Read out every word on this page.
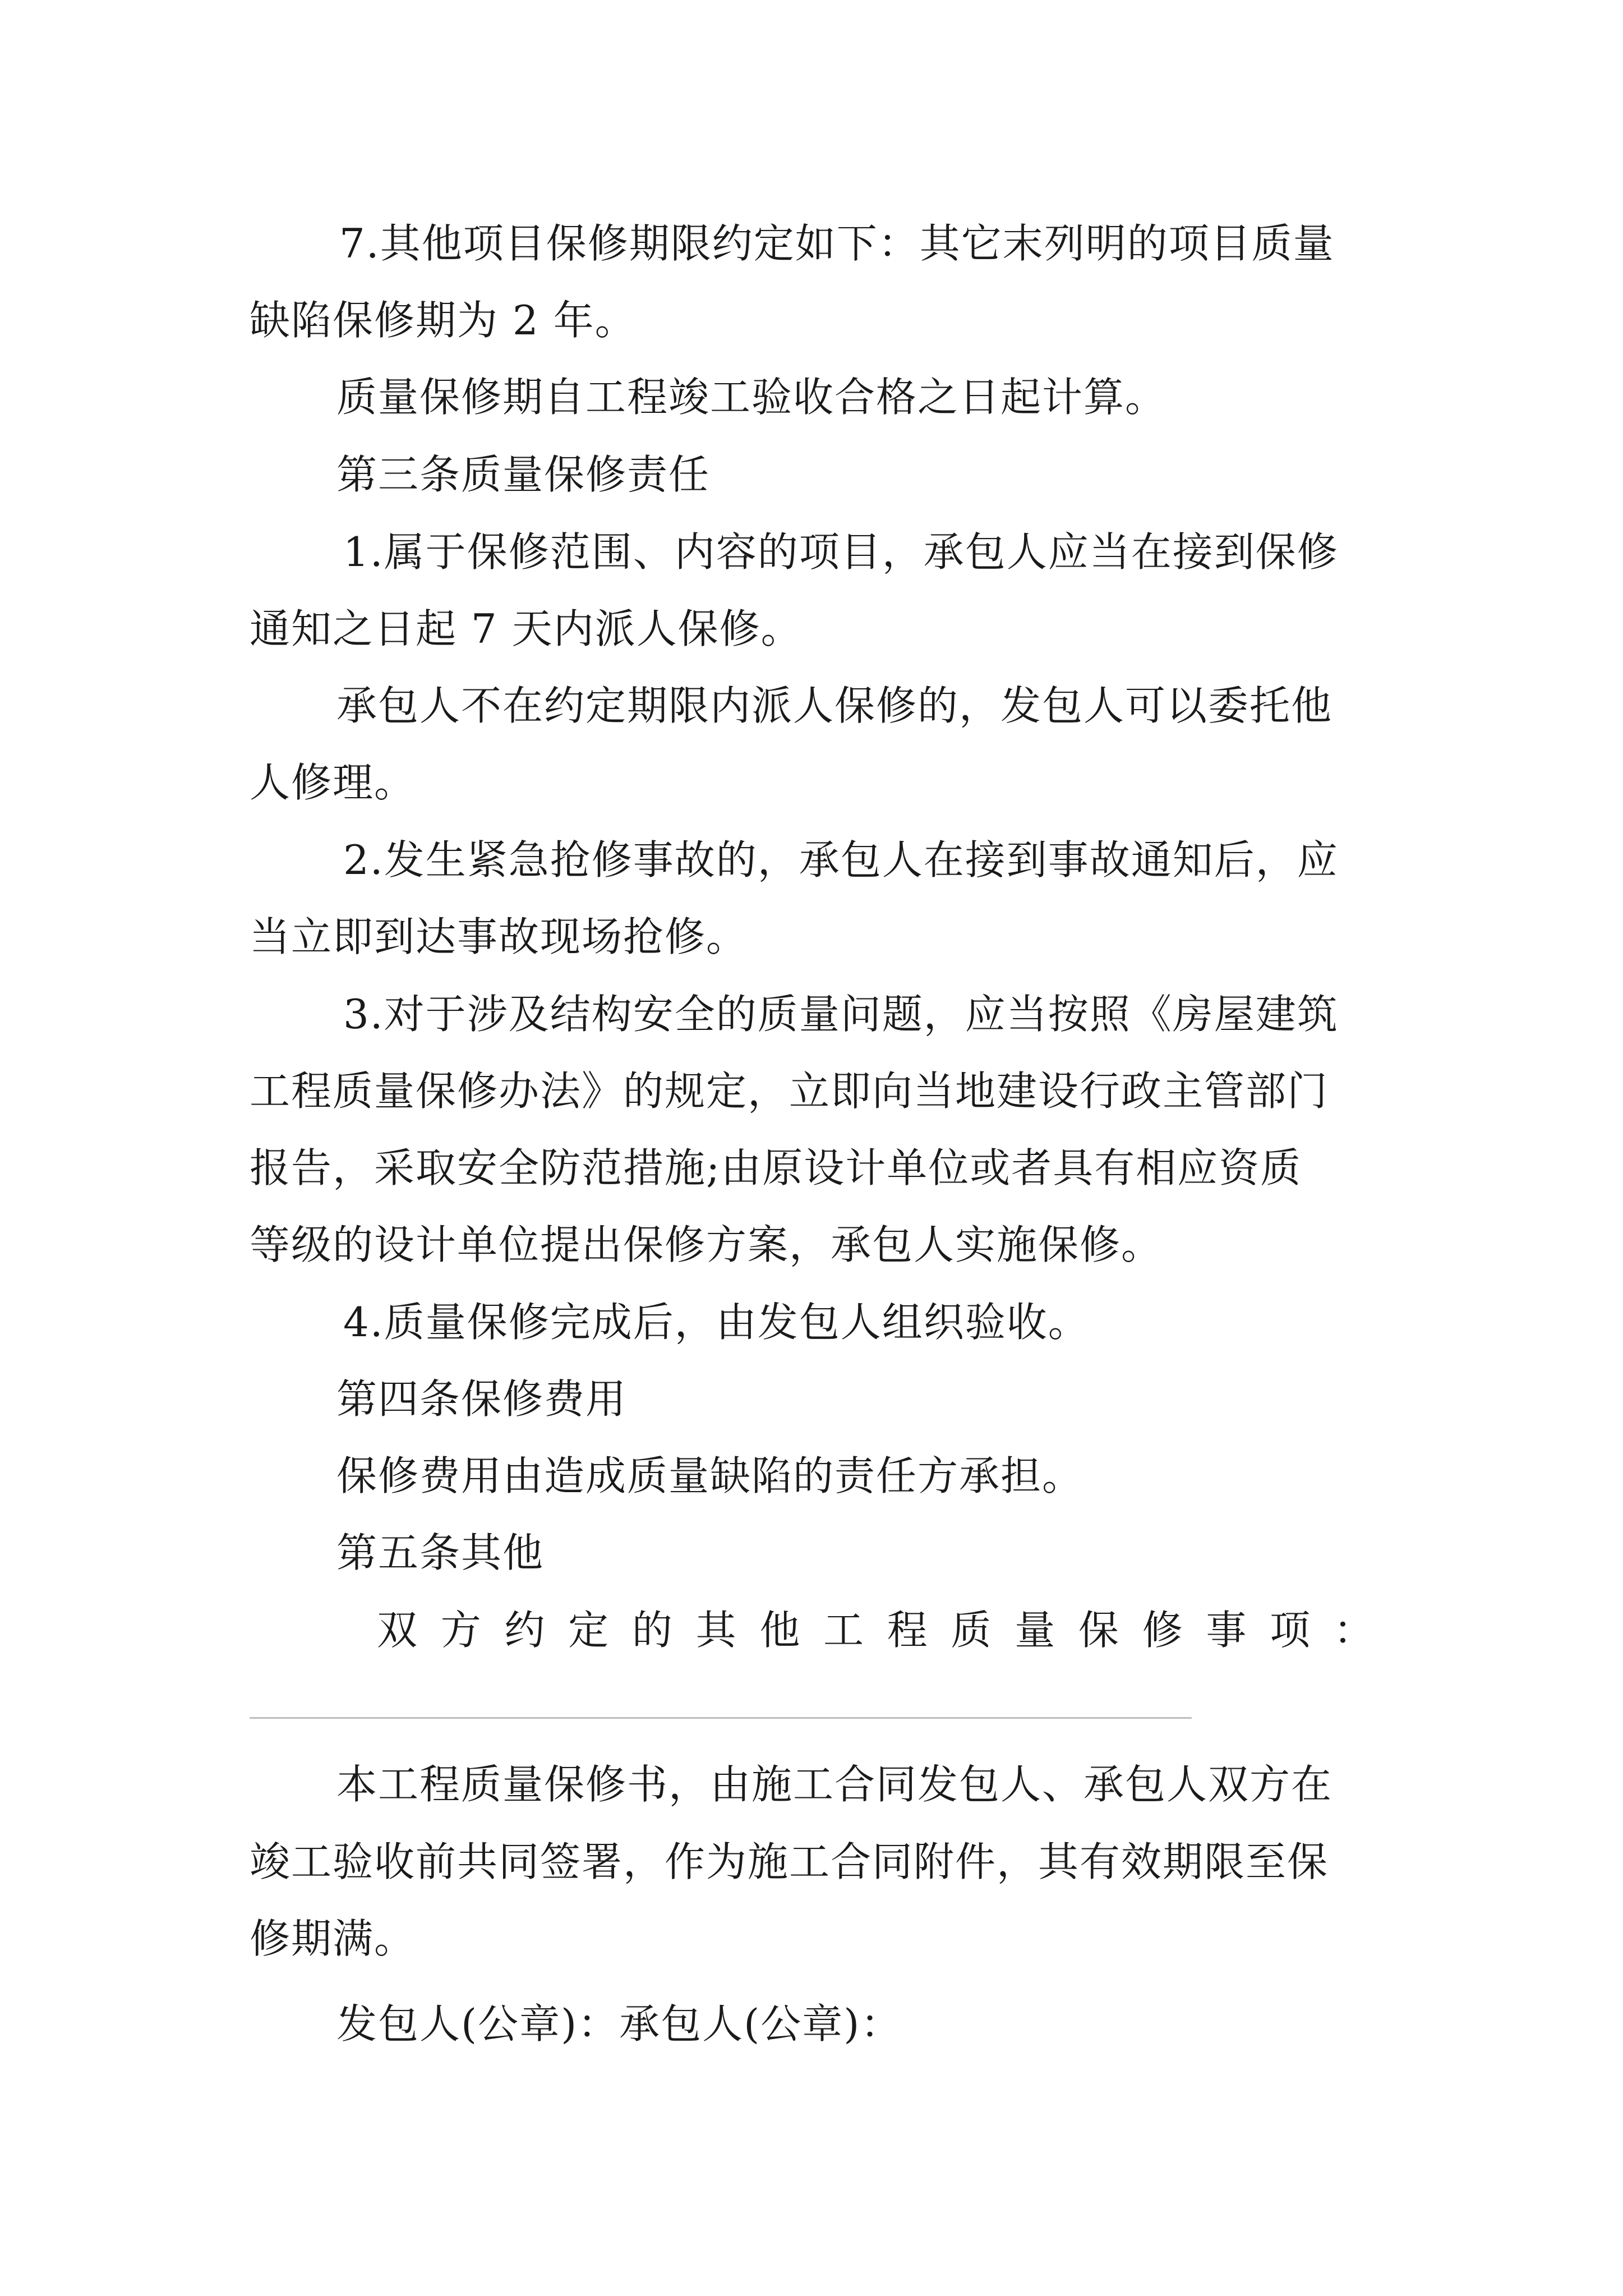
7.其他项目保修期限约定如下：其它末列明的项目质量
缺陷保修期为 2 年。
质量保修期自工程竣工验收合格之日起计算。
第三条质量保修责任
1.属于保修范围、内容的项目，承包人应当在接到保修
通知之日起 7 天内派人保修。
承包人不在约定期限内派人保修的，发包人可以委托他
人修理。
2.发生紧急抢修事故的，承包人在接到事故通知后，应
当立即到达事故现场抢修。
3.对于涉及结构安全的质量问题，应当按照《房屋建筑
工程质量保修办法》的规定，立即向当地建设行政主管部门
报告，采取安全防范措施;由原设计单位或者具有相应资质
等级的设计单位提出保修方案，承包人实施保修。
4.质量保修完成后，由发包人组织验收。
第四条保修费用
保修费用由造成质量缺陷的责任方承担。
第五条其他
双 方 约 定 的 其 他 工 程 质 量 保 修 事 项 ：
本工程质量保修书，由施工合同发包人、承包人双方在
竣工验收前共同签署，作为施工合同附件，其有效期限至保
修期满。
发包人(公章)：承包人(公章)：
